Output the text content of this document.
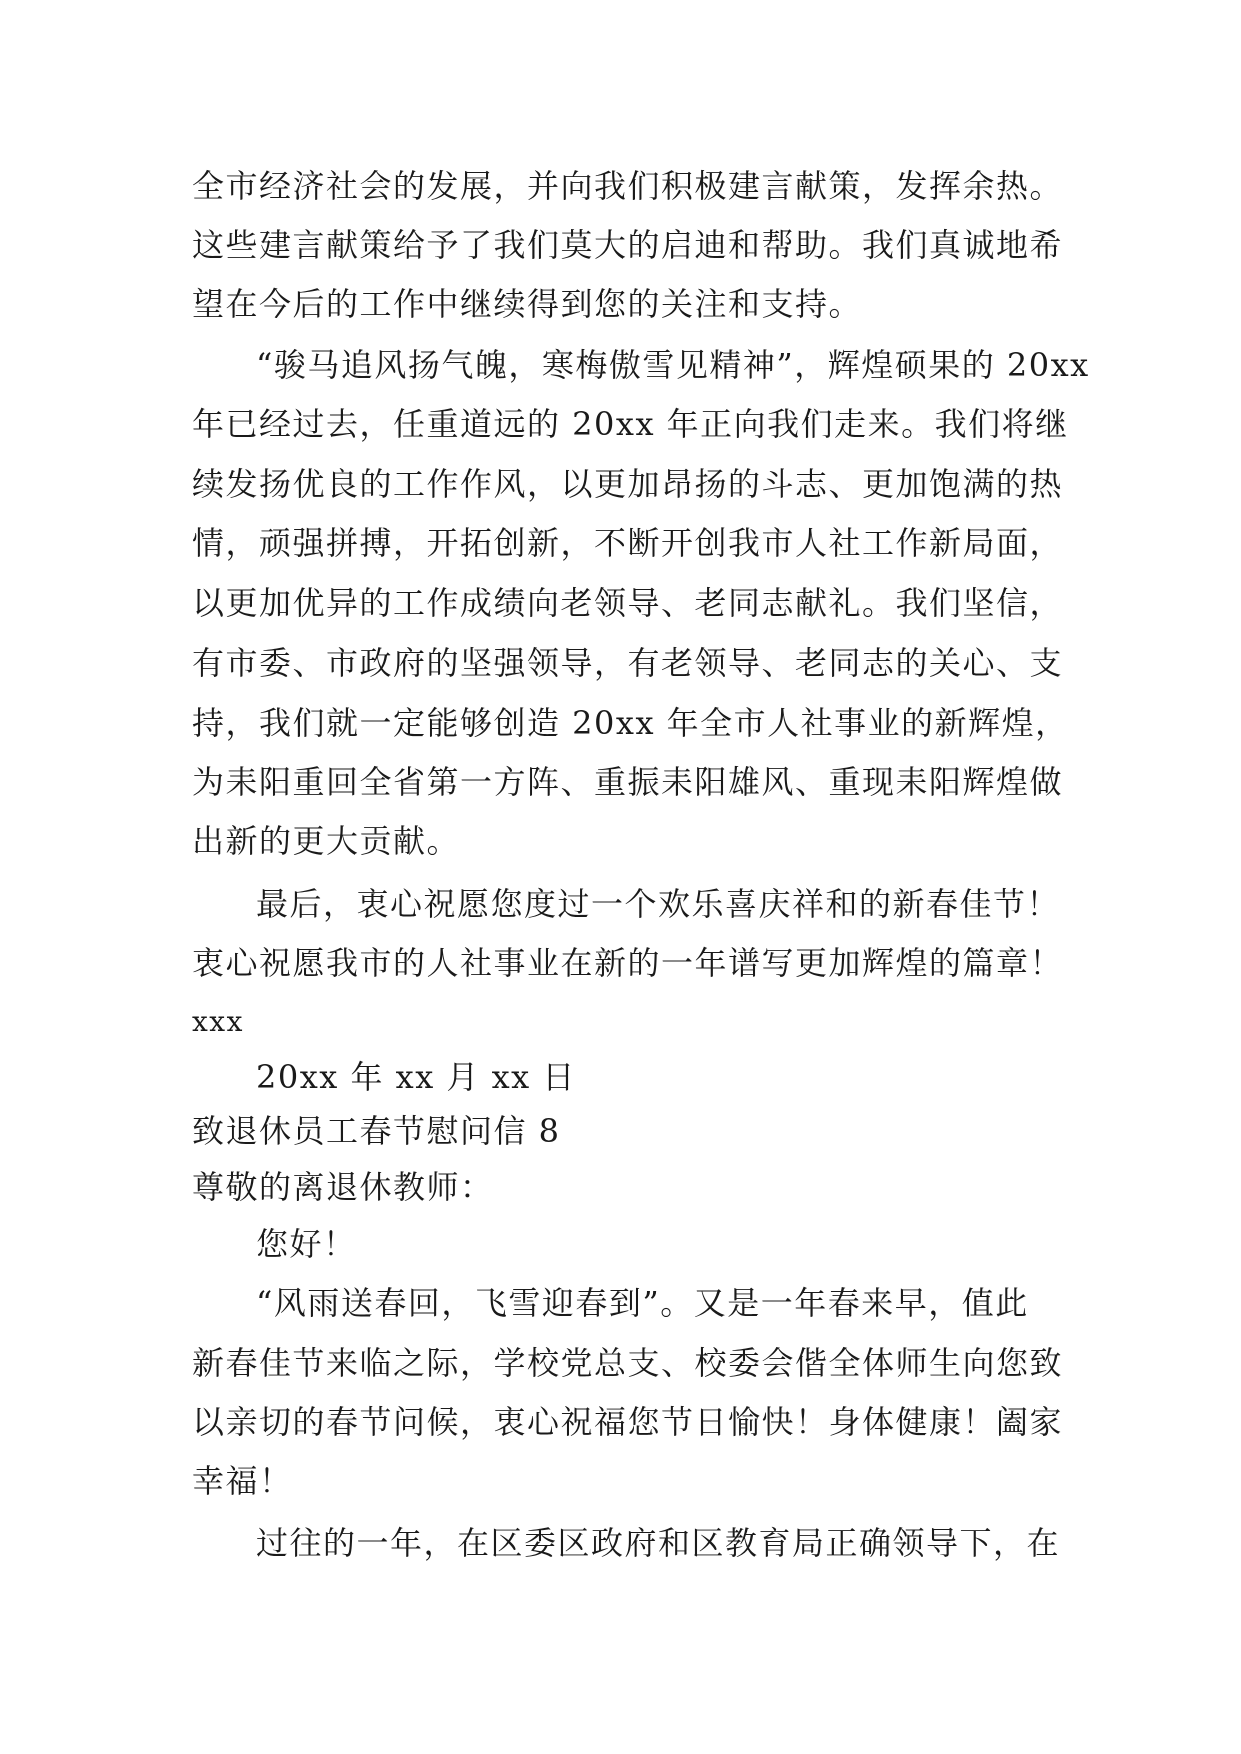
全市经济社会的发展，并向我们积极建言献策，发挥余热。
这些建言献策给予了我们莫大的启迪和帮助。我们真诚地希
望在今后的工作中继续得到您的关注和支持。
“骏马追风扬气魄，寒梅傲雪见精神”，辉煌硕果的 20xx
年已经过去，任重道远的 20xx 年正向我们走来。我们将继
续发扬优良的工作作风，以更加昂扬的斗志、更加饱满的热
情，顽强拼搏，开拓创新，不断开创我市人社工作新局面，
以更加优异的工作成绩向老领导、老同志献礼。我们坚信，
有市委、市政府的坚强领导，有老领导、老同志的关心、支
持，我们就一定能够创造 20xx 年全市人社事业的新辉煌，
为耒阳重回全省第一方阵、重振耒阳雄风、重现耒阳辉煌做
出新的更大贡献。
最后，衷心祝愿您度过一个欢乐喜庆祥和的新春佳节！
衷心祝愿我市的人社事业在新的一年谱写更加辉煌的篇章！
xxx
20xx 年 xx 月 xx 日
致退休员工春节慰问信 8
尊敬的离退休教师：
您好！
“风雨送春回，飞雪迎春到”。又是一年春来早，值此
新春佳节来临之际，学校党总支、校委会偕全体师生向您致
以亲切的春节问候，衷心祝福您节日愉快！身体健康！阖家
幸福！
过往的一年，在区委区政府和区教育局正确领导下，在
